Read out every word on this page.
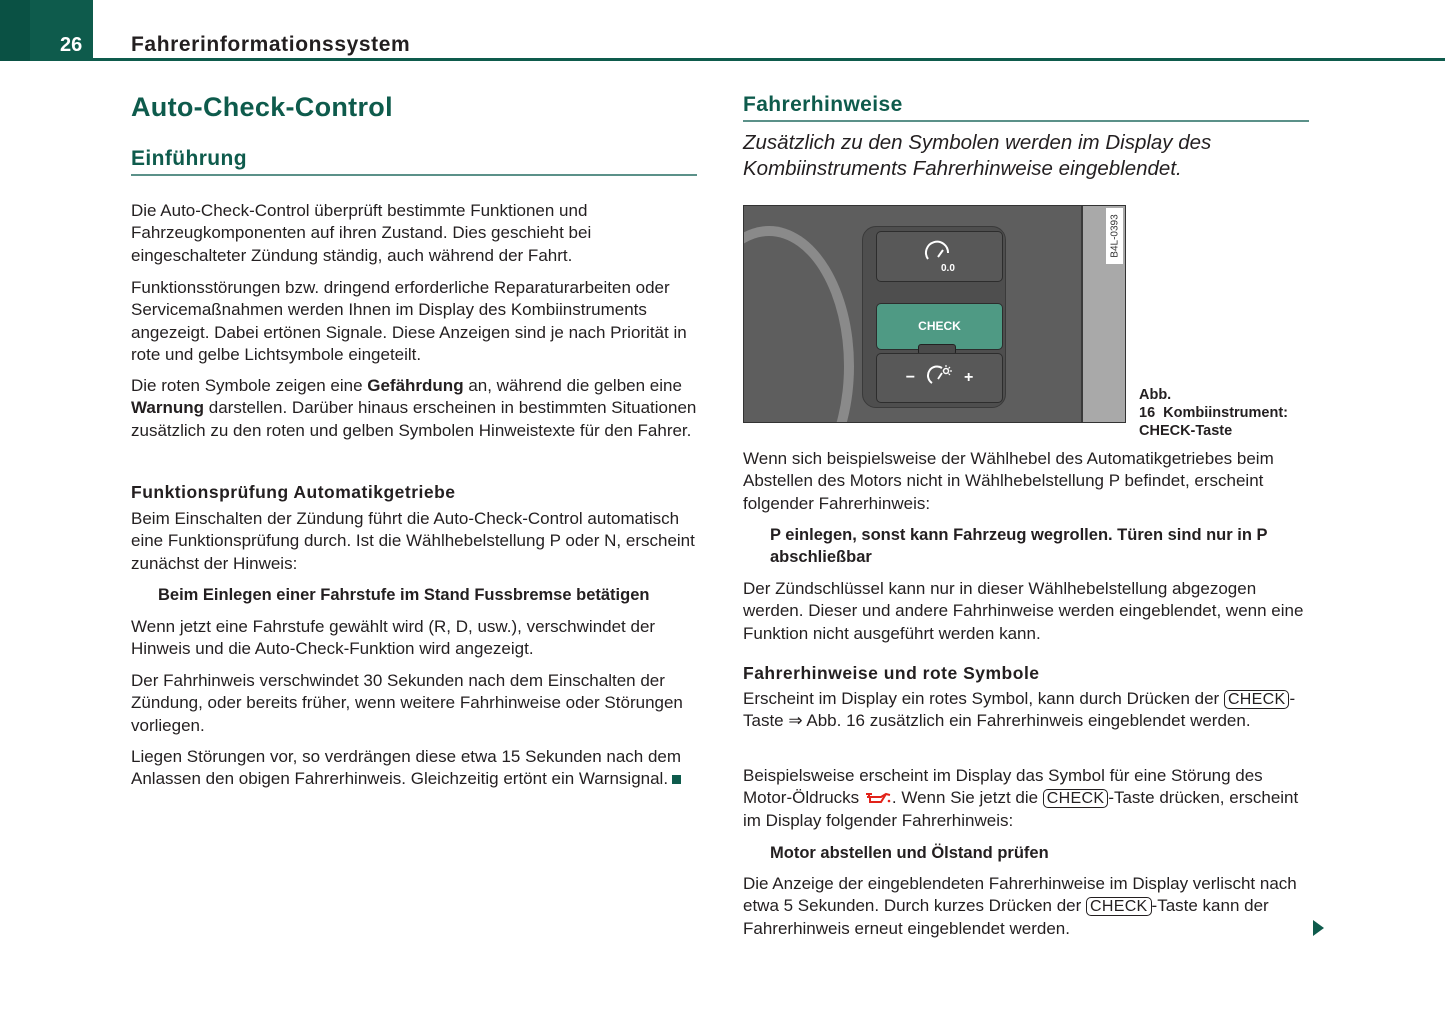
26 Fahrerinformationssystem
Auto-Check-Control
Einführung
Die Auto-Check-Control überprüft bestimmte Funktionen und Fahrzeugkomponenten auf ihren Zustand. Dies geschieht bei eingeschalteter Zündung ständig, auch während der Fahrt.
Funktionsstörungen bzw. dringend erforderliche Reparaturarbeiten oder Servicemaßnahmen werden Ihnen im Display des Kombiinstruments angezeigt. Dabei ertönen Signale. Diese Anzeigen sind je nach Priorität in rote und gelbe Lichtsymbole eingeteilt.
Die roten Symbole zeigen eine Gefährdung an, während die gelben eine Warnung darstellen. Darüber hinaus erscheinen in bestimmten Situationen zusätzlich zu den roten und gelben Symbolen Hinweistexte für den Fahrer.
Funktionsprüfung Automatikgetriebe
Beim Einschalten der Zündung führt die Auto-Check-Control automatisch eine Funktionsprüfung durch. Ist die Wählhebelstellung P oder N, erscheint zunächst der Hinweis:
Beim Einlegen einer Fahrstufe im Stand Fussbremse betätigen
Wenn jetzt eine Fahrstufe gewählt wird (R, D, usw.), verschwindet der Hinweis und die Auto-Check-Funktion wird angezeigt.
Der Fahrhinweis verschwindet 30 Sekunden nach dem Einschalten der Zündung, oder bereits früher, wenn weitere Fahrhinweise oder Störungen vorliegen.
Liegen Störungen vor, so verdrängen diese etwa 15 Sekunden nach dem Anlassen den obigen Fahrerhinweis. Gleichzeitig ertönt ein Warnsignal.
Fahrerhinweise
Zusätzlich zu den Symbolen werden im Display des Kombiinstruments Fahrerhinweise eingeblendet.
0.0
CHECK
−	+
B4L-0393
Abb. 16 Kombiinstrument: CHECK-Taste
Wenn sich beispielsweise der Wählhebel des Automatikgetriebes beim Abstellen des Motors nicht in Wählhebelstellung P befindet, erscheint folgender Fahrerhinweis:
P einlegen, sonst kann Fahrzeug wegrollen. Türen sind nur in P abschließbar
Der Zündschlüssel kann nur in dieser Wählhebelstellung abgezogen werden. Dieser und andere Fahrhinweise werden eingeblendet, wenn eine Funktion nicht ausgeführt werden kann.
Fahrerhinweise und rote Symbole
Erscheint im Display ein rotes Symbol, kann durch Drücken der CHECK -Taste ⇒ Abb. 16 zusätzlich ein Fahrerhinweis eingeblendet werden.
Beispielsweise erscheint im Display das Symbol für eine Störung des Motor-Öldrucks . Wenn Sie jetzt die CHECK -Taste drücken, erscheint im Display folgender Fahrerhinweis:
Motor abstellen und Ölstand prüfen
Die Anzeige der eingeblendeten Fahrerhinweise im Display verlischt nach etwa 5 Sekunden. Durch kurzes Drücken der CHECK -Taste kann der Fahrerhinweis erneut eingeblendet werden.
